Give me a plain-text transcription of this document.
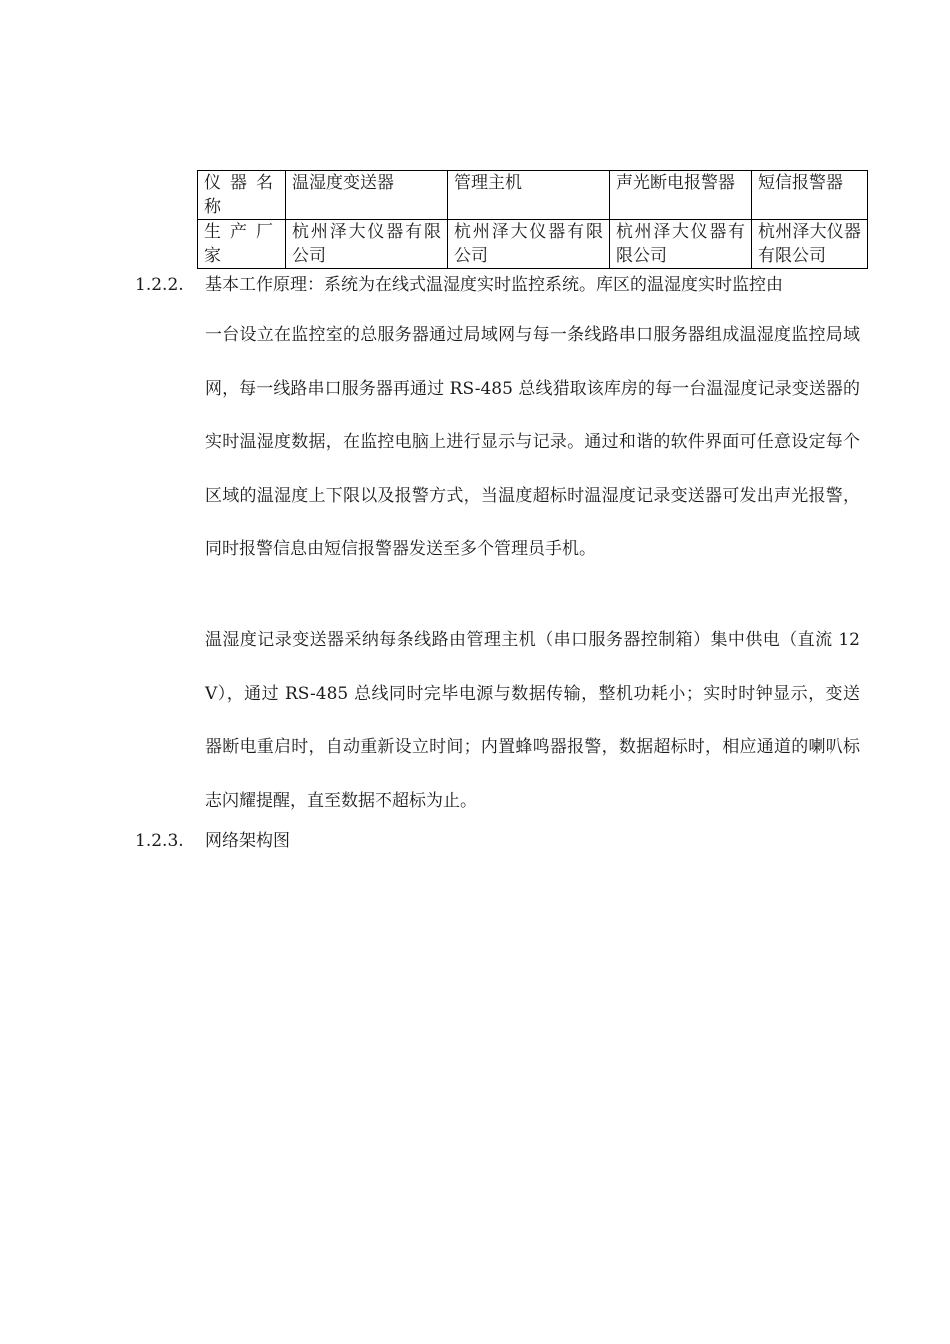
仪器名称	温湿度变送器	管理主机	声光断电报警器	短信报警器
生产厂家	杭州泽大仪器有限公司	杭州泽大仪器有限公司	杭州泽大仪器有限公司	杭州泽大仪器有限公司
1.2.2. 基本工作原理：系统为在线式温湿度实时监控系统。库区的温湿度实时监控由
一台设立在监控室的总服务器通过局域网与每一条线路串口服务器组成温湿度监控局域网，每一线路串口服务器再通过 RS-485 总线猎取该库房的每一台温湿度记录变送器的实时温湿度数据，在监控电脑上进行显示与记录。通过和谐的软件界面可任意设定每个区域的温湿度上下限以及报警方式，当温度超标时温湿度记录变送器可发出声光报警，同时报警信息由短信报警器发送至多个管理员手机。
温湿度记录变送器采纳每条线路由管理主机（串口服务器控制箱）集中供电（直流 12V），通过 RS-485 总线同时完毕电源与数据传输，整机功耗小；实时时钟显示，变送器断电重启时，自动重新设立时间；内置蜂鸣器报警，数据超标时，相应通道的喇叭标志闪耀提醒，直至数据不超标为止。
1.2.3. 网络架构图
